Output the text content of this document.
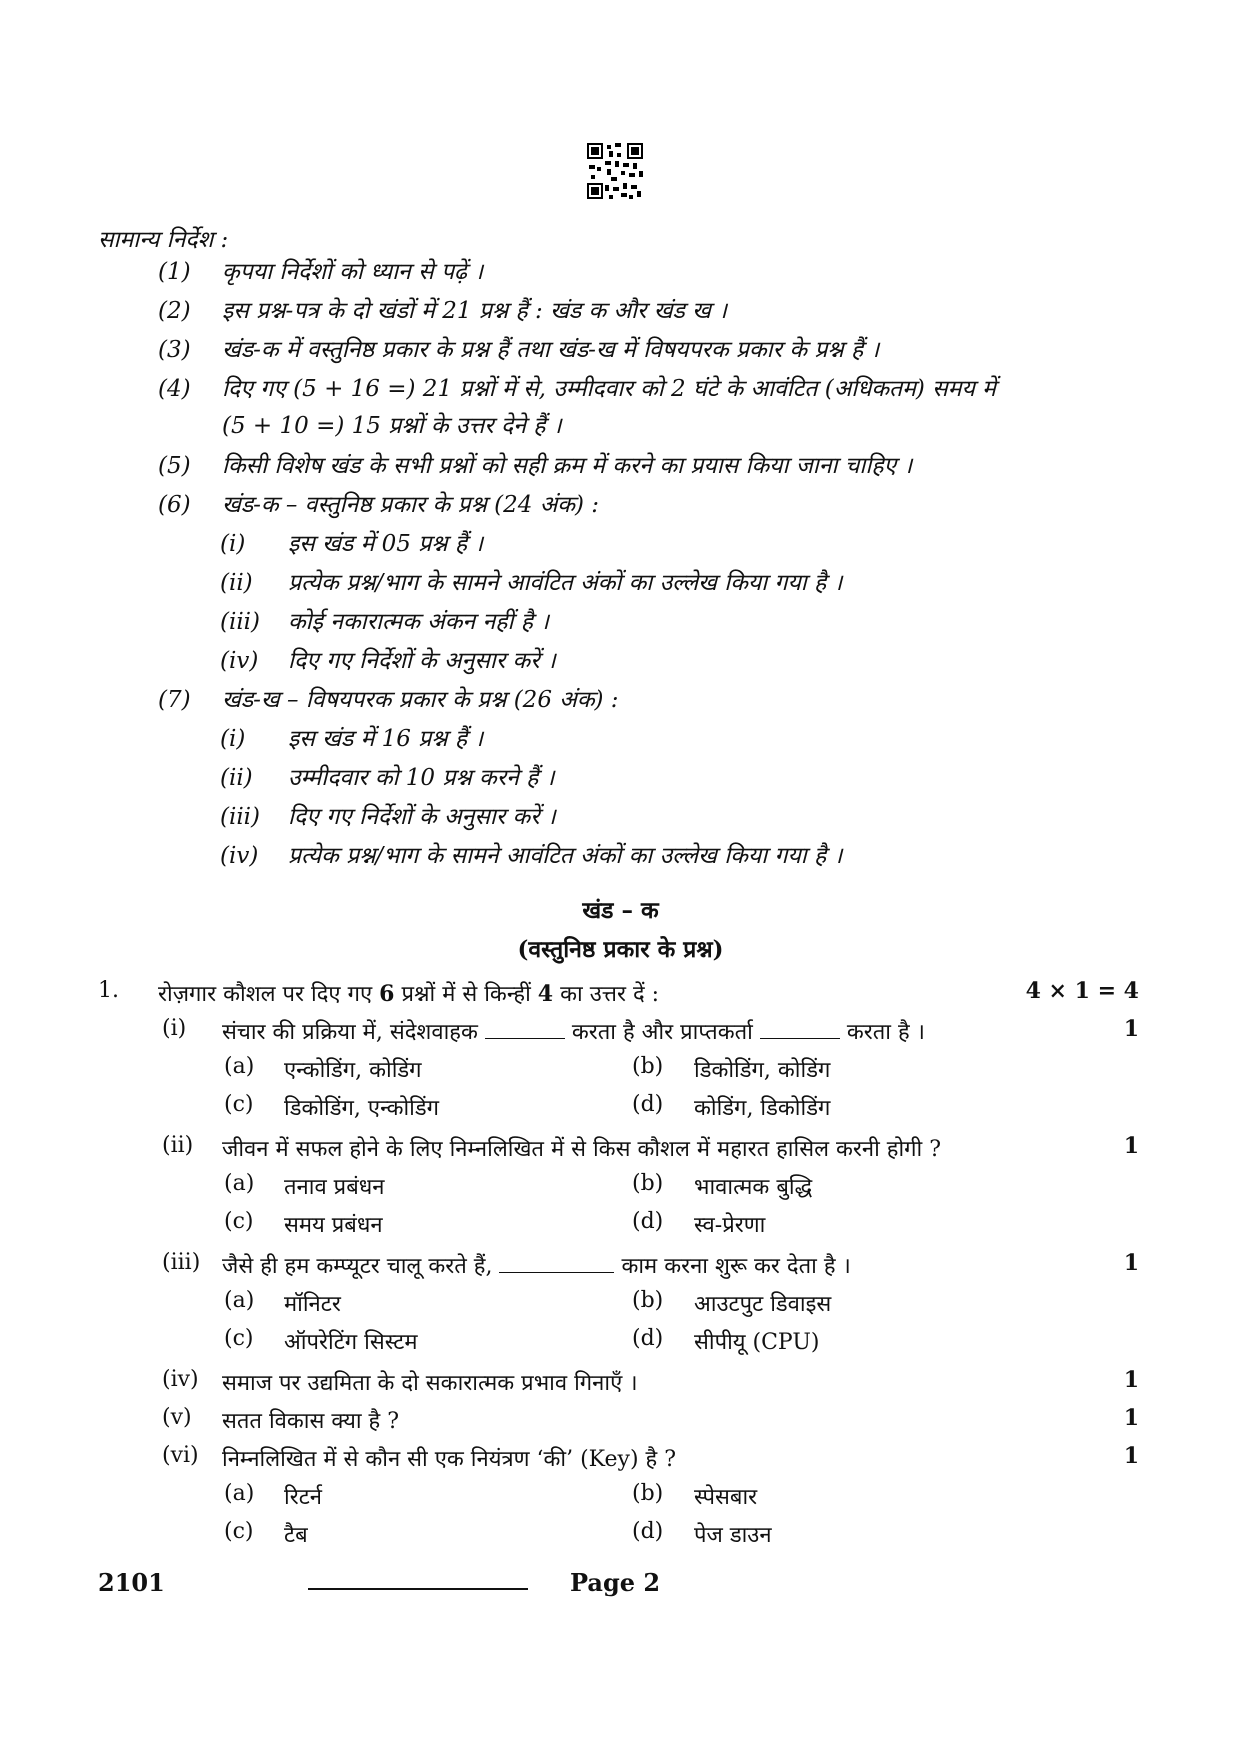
सामान्य निर्देश :
(1) कृपया निर्देशों को ध्यान से पढ़ें ।
(2) इस प्रश्न-पत्र के दो खंडों में 21 प्रश्न हैं : खंड क और खंड ख ।
(3) खंड-क में वस्तुनिष्ठ प्रकार के प्रश्न हैं तथा खंड-ख में विषयपरक प्रकार के प्रश्न हैं ।
(4) दिए गए (5 + 16 =) 21 प्रश्नों में से, उम्मीदवार को 2 घंटे के आवंटित (अधिकतम) समय में
(5 + 10 =) 15 प्रश्नों के उत्तर देने हैं ।
(5) किसी विशेष खंड के सभी प्रश्नों को सही क्रम में करने का प्रयास किया जाना चाहिए ।
(6) खंड-क – वस्तुनिष्ठ प्रकार के प्रश्न (24 अंक) :
(i) इस खंड में 05 प्रश्न हैं ।
(ii) प्रत्येक प्रश्न/भाग के सामने आवंटित अंकों का उल्लेख किया गया है ।
(iii) कोई नकारात्मक अंकन नहीं है ।
(iv) दिए गए निर्देशों के अनुसार करें ।
(7) खंड-ख – विषयपरक प्रकार के प्रश्न (26 अंक) :
(i) इस खंड में 16 प्रश्न हैं ।
(ii) उम्मीदवार को 10 प्रश्न करने हैं ।
(iii) दिए गए निर्देशों के अनुसार करें ।
(iv) प्रत्येक प्रश्न/भाग के सामने आवंटित अंकों का उल्लेख किया गया है ।
खंड – क
(वस्तुनिष्ठ प्रकार के प्रश्न)
1. रोज़गार कौशल पर दिए गए 6 प्रश्नों में से किन्हीं 4 का उत्तर दें :	4 × 1 = 4
(i) संचार की प्रक्रिया में, संदेशवाहक	करता है और प्राप्तकर्ता	करता है ।	1
(a) एन्कोडिंग, कोडिंग	(b) डिकोडिंग, कोडिंग
(c) डिकोडिंग, एन्कोडिंग	(d) कोडिंग, डिकोडिंग
(ii) जीवन में सफल होने के लिए निम्नलिखित में से किस कौशल में महारत हासिल करनी होगी ?	1
(a) तनाव प्रबंधन	(b) भावात्मक बुद्धि
(c) समय प्रबंधन	(d) स्व-प्रेरणा
(iii) जैसे ही हम कम्प्यूटर चालू करते हैं,	काम करना शुरू कर देता है ।	1
(a) मॉनिटर	(b) आउटपुट डिवाइस
(c) ऑपरेटिंग सिस्टम	(d) सीपीयू (CPU)
(iv) समाज पर उद्यमिता के दो सकारात्मक प्रभाव गिनाएँ ।	1
(v) सतत विकास क्या है ?	1
(vi) निम्नलिखित में से कौन सी एक नियंत्रण ‘की’ (Key) है ?	1
(a) रिटर्न	(b) स्पेसबार
(c) टैब	(d) पेज डाउन
2101	Page 2
